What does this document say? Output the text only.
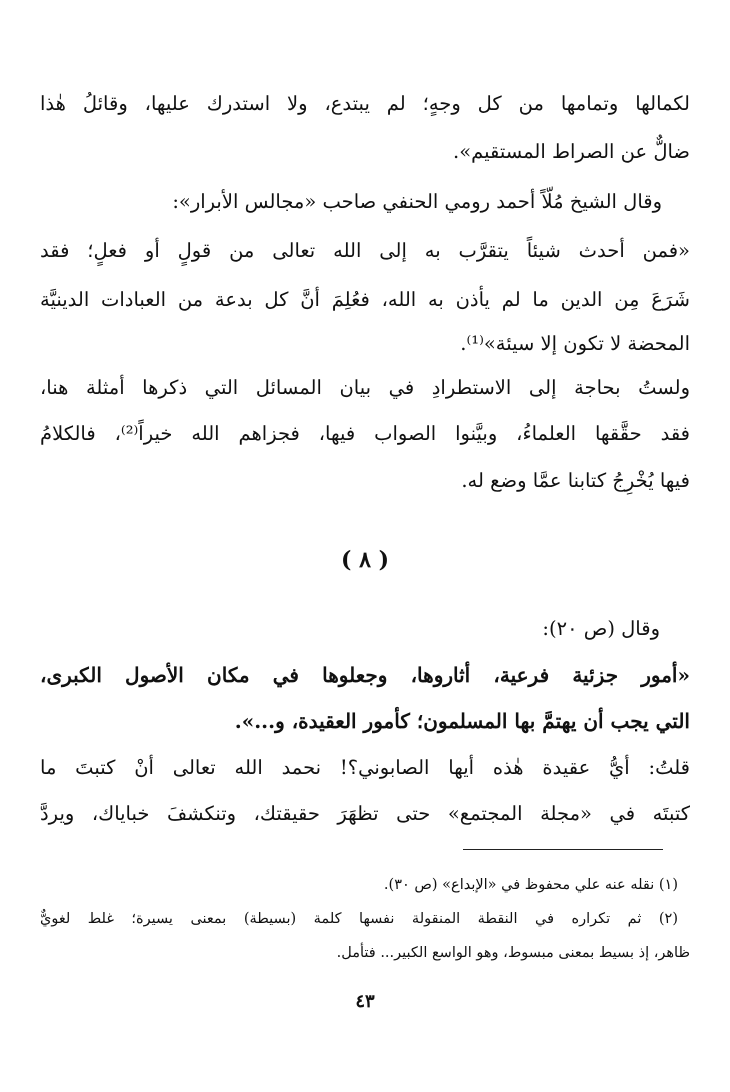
لكمالها وتمامها من كل وجهٍ؛ لم يبتدع، ولا استدرك عليها، وقائلُ هٰذا
ضالٌّ عن الصراط المستقيم».
وقال الشيخ مُلّاً أحمد رومي الحنفي صاحب «مجالس الأبرار»:
«فمن أحدث شيئاً يتقرَّب به إلى الله تعالى من قولٍ أو فعلٍ؛ فقد
شَرَعَ مِن الدين ما لم يأذن به الله، فعُلِمَ أنَّ كل بدعة من العبادات الدينيَّة
المحضة لا تكون إلا سيئة»⁽¹⁾.
ولستُ بحاجة إلى الاستطرادِ في بيان المسائل التي ذكرها أمثلة هنا،
فقد حقَّقها العلماءُ، وبيَّنوا الصواب فيها، فجزاهم الله خيراً⁽²⁾، فالكلامُ
فيها يُخْرِجُ كتابنا عمَّا وضع له.
( ٨ )
وقال (ص ٢٠):
«أمور جزئية فرعية، أثاروها، وجعلوها في مكان الأصول الكبرى،
التي يجب أن يهتمَّ بها المسلمون؛ كأمور العقيدة، و...».
قلتُ: أيُّ عقيدة هٰذه أيها الصابوني؟! نحمد الله تعالى أنْ كتبتَ ما
كتبتَه في «مجلة المجتمع» حتى تظهَرَ حقيقتك، وتنكشفَ خباياك، ويردَّ
(١) نقله عنه علي محفوظ في «الإبداع» (ص ٣٠).
(٢) ثم تكراره في النقطة المنقولة نفسها كلمة (بسيطة) بمعنى يسيرة؛ غلط لغويٌّ
ظاهر، إذ بسيط بمعنى مبسوط، وهو الواسع الكبير... فتأمل.
٤٣
